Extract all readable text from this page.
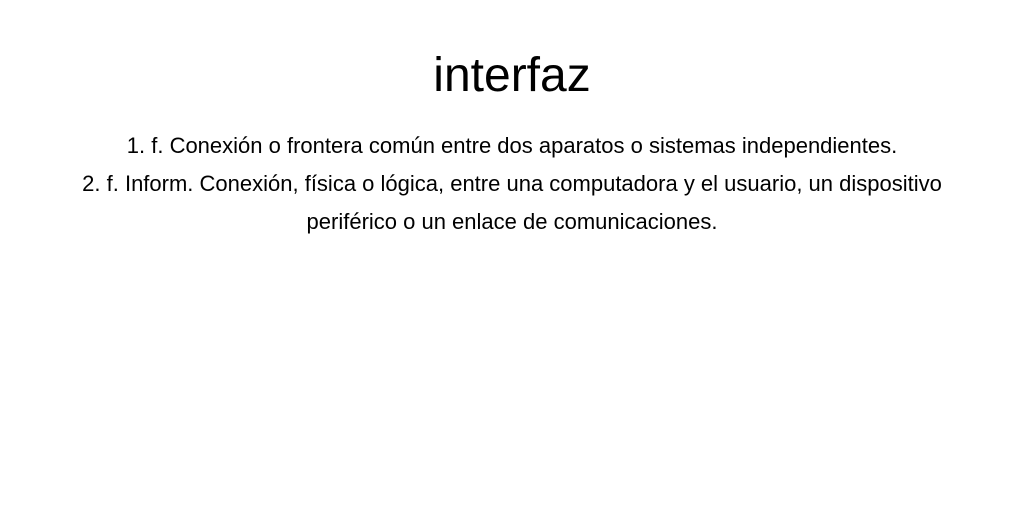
interfaz

1. f. Conexión o frontera común entre dos aparatos o sistemas independientes.

2. f. Inform. Conexión, física o lógica, entre una computadora y el usuario, un dispositivo periférico o un enlace de comunicaciones.
